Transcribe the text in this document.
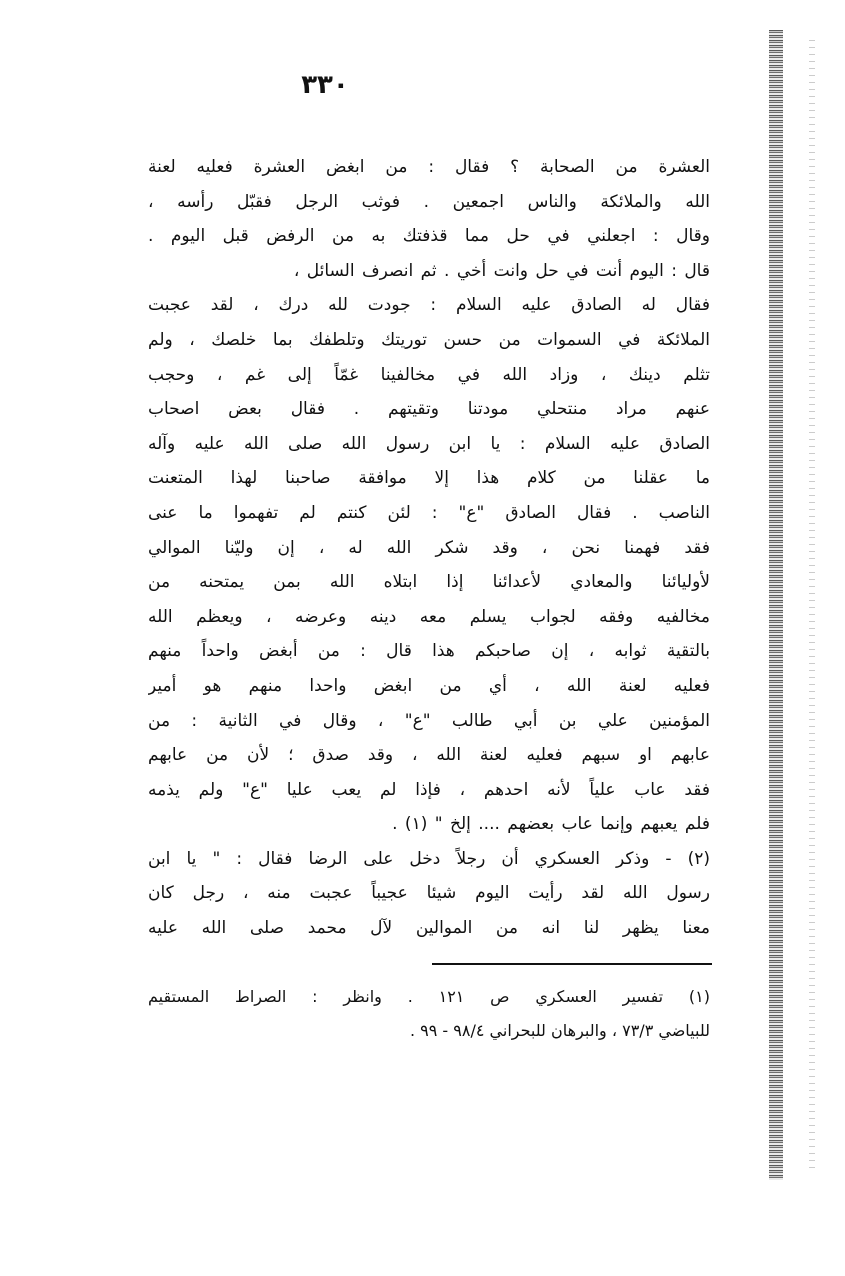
٣٣٠
العشرة من الصحابة ؟ فقال : من ابغض العشرة فعليه لعنة
الله والملائكة والناس اجمعين . فوثب الرجل فقبّل رأسه ،
وقال : اجعلني في حل مما قذفتك به من الرفض قبل اليوم .
قال : اليوم أنت في حل وانت أخي . ثم انصرف السائل ،
فقال له الصادق عليه السلام : جودت لله درك ، لقد عجبت
الملائكة في السموات من حسن توريتك وتلطفك بما خلصك ، ولم
تثلم دينك ، وزاد الله في مخالفينا غمّاً إلى غم ، وحجب
عنهم مراد منتحلي مودتنا وتقيتهم . فقال بعض اصحاب
الصادق عليه السلام : يا ابن رسول الله صلى الله عليه وآله
ما عقلنا من كلام هذا إلا موافقة صاحبنا لهذا المتعنت
الناصب . فقال الصادق "ع" : لئن كنتم لم تفهموا ما عنى
فقد فهمنا نحن ، وقد شكر الله له ، إن وليّنا الموالي
لأوليائنا والمعادي لأعدائنا إذا ابتلاه الله بمن يمتحنه من
مخالفيه وفقه لجواب يسلم معه دينه وعرضه ، ويعظم الله
بالتقية ثوابه ، إن صاحبكم هذا قال : من أبغض واحداً منهم
فعليه لعنة الله ، أي من ابغض واحدا منهم هو أمير
المؤمنين علي بن أبي طالب "ع" ، وقال في الثانية : من
عابهم او سبهم فعليه لعنة الله ، وقد صدق ؛ لأن من عابهم
فقد عاب علياً لأنه احدهم ، فإذا لم يعب عليا "ع" ولم يذمه
فلم يعبهم وإنما عاب بعضهم .... إلخ " (١) .
(٢) - وذكر العسكري أن رجلاً دخل على الرضا فقال : " يا ابن
رسول الله لقد رأيت اليوم شيئا عجيباً عجبت منه ، رجل كان
معنا يظهر لنا انه من الموالين لآل محمد صلى الله عليه
(١) تفسير العسكري ص ١٢١ . وانظر : الصراط المستقيم
للبياضي ٧٣/٣ ، والبرهان للبحراني ٩٨/٤ - ٩٩ .
